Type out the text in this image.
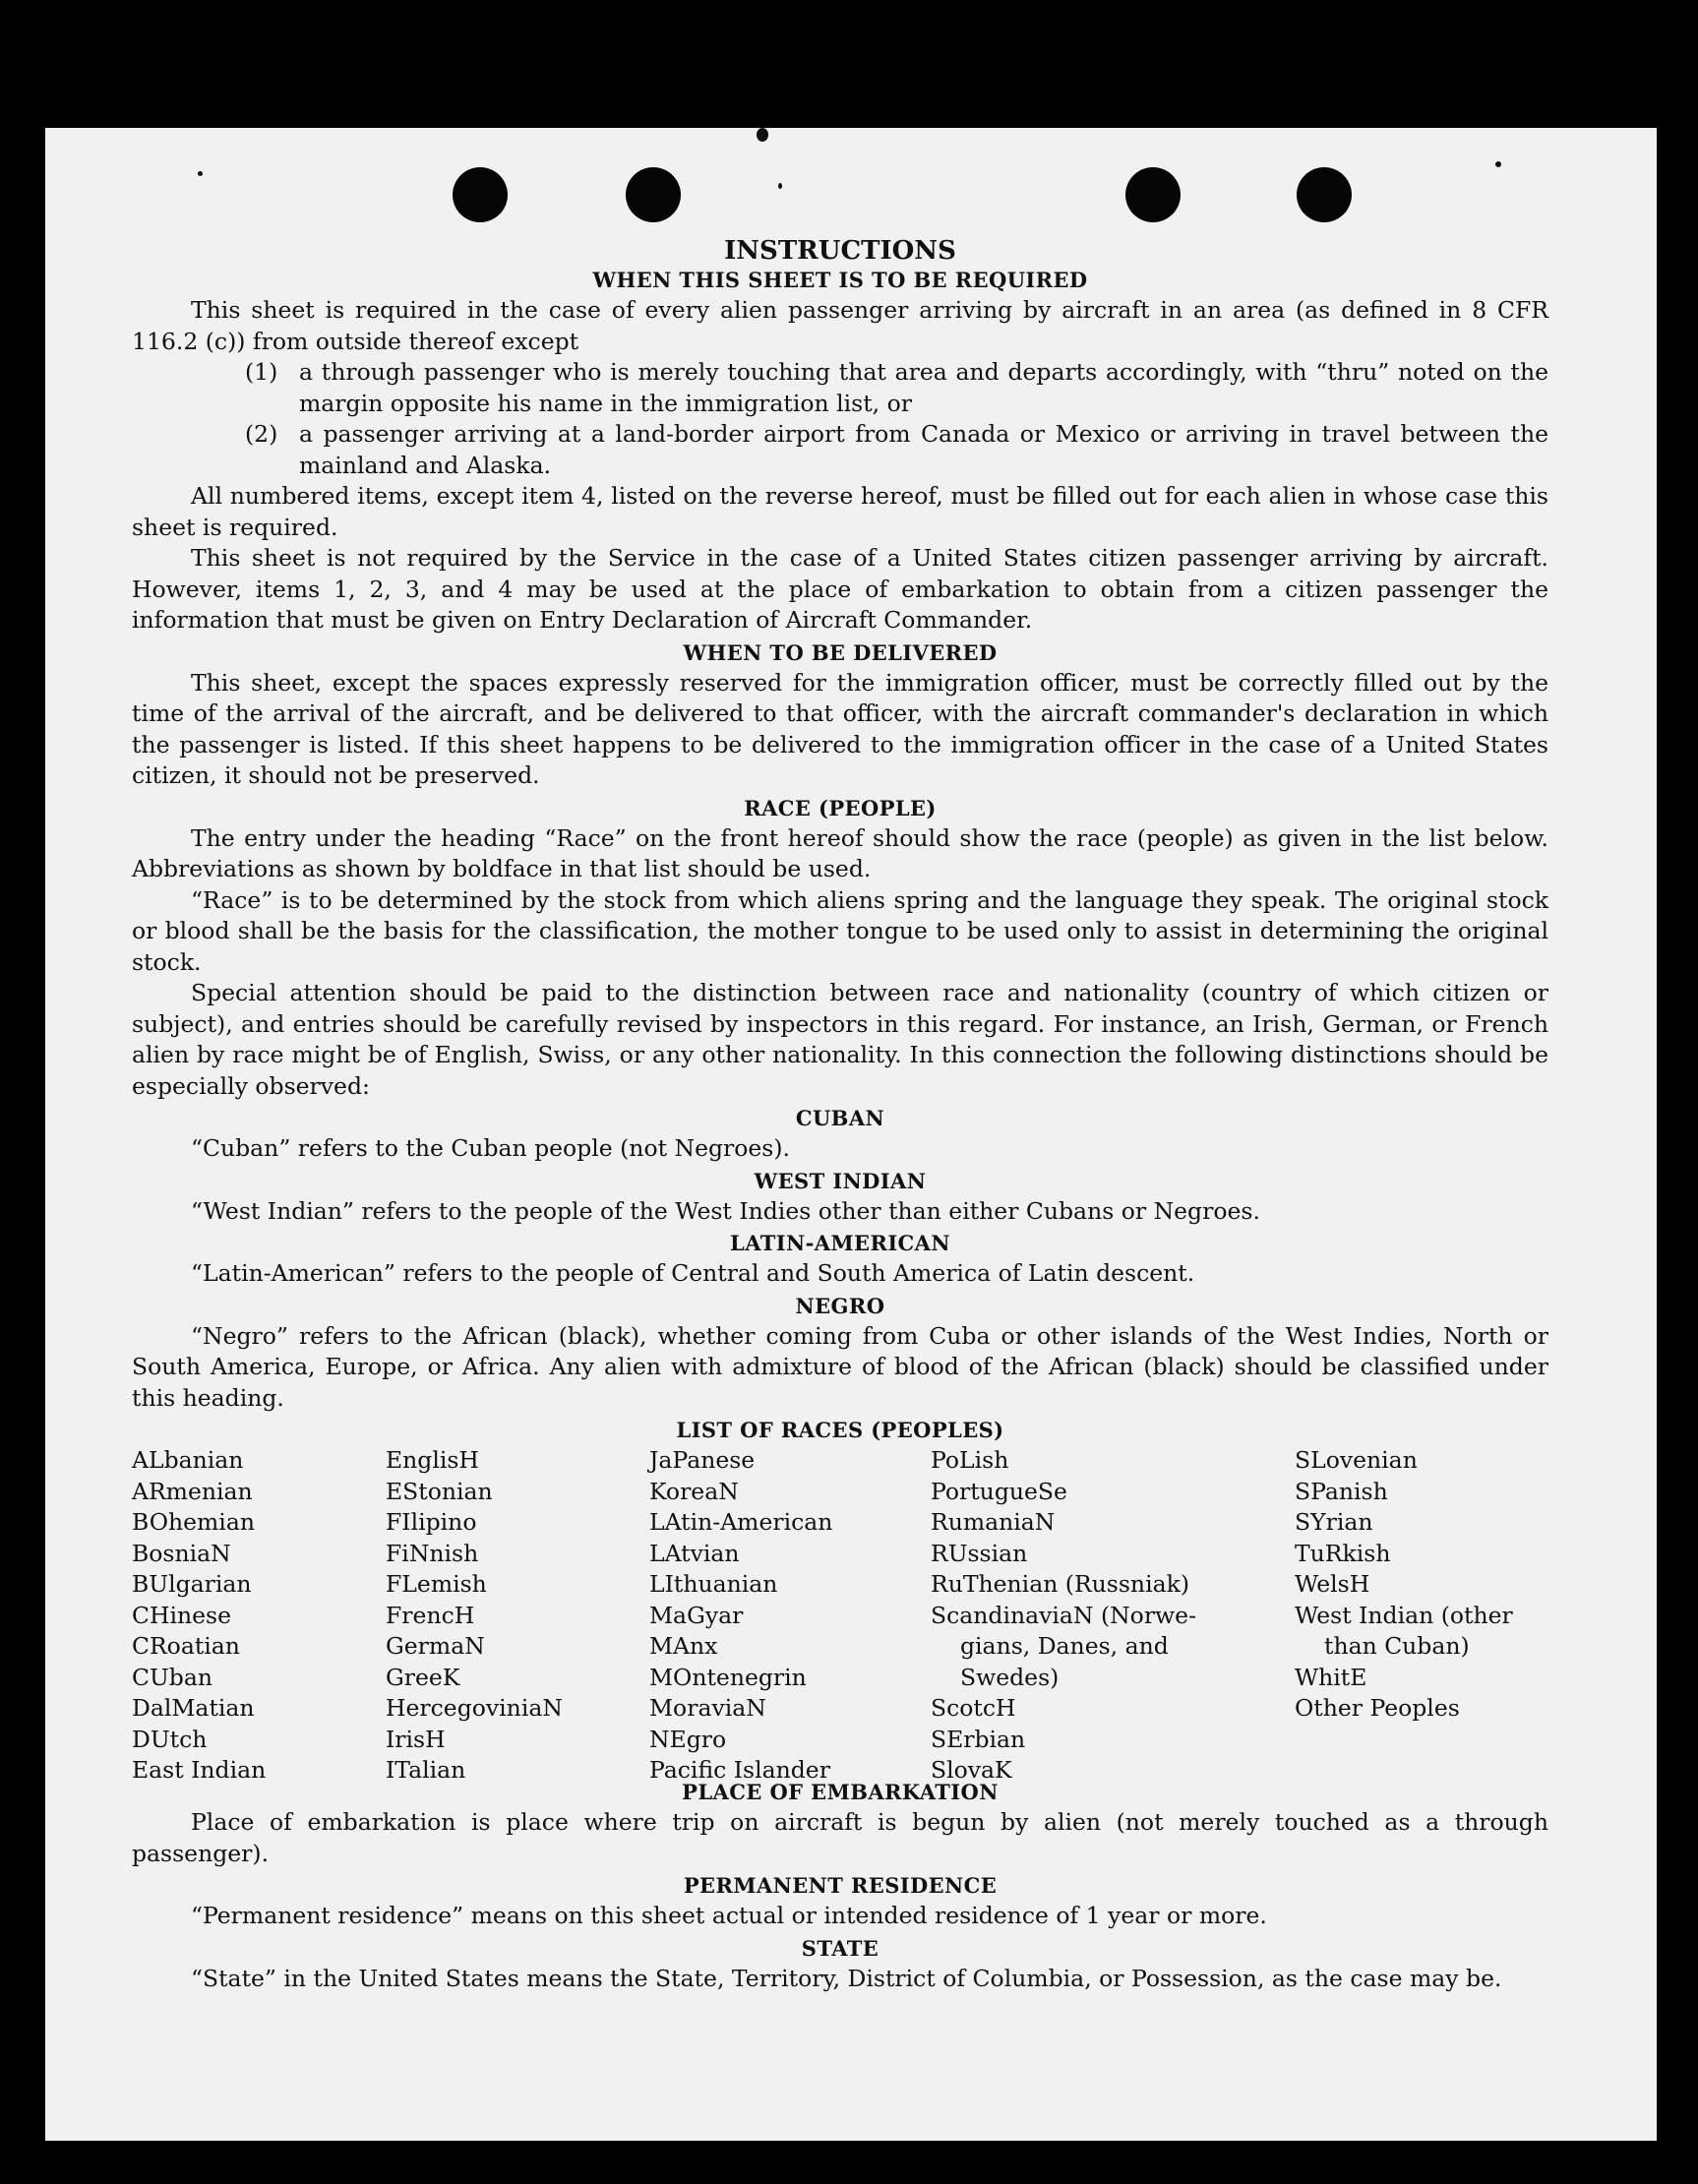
INSTRUCTIONS
WHEN THIS SHEET IS TO BE REQUIRED

This sheet is required in the case of every alien passenger arriving by aircraft in an area (as defined in 8 CFR 116.2 (c)) from outside thereof except

(1) a through passenger who is merely touching that area and departs accordingly, with “thru” noted on the margin opposite his name in the immigration list, or
(2) a passenger arriving at a land-border airport from Canada or Mexico or arriving in travel between the mainland and Alaska.

All numbered items, except item 4, listed on the reverse hereof, must be filled out for each alien in whose case this sheet is required.

This sheet is not required by the Service in the case of a United States citizen passenger arriving by aircraft. However, items 1, 2, 3, and 4 may be used at the place of embarkation to obtain from a citizen passenger the information that must be given on Entry Declaration of Aircraft Commander.

WHEN TO BE DELIVERED

This sheet, except the spaces expressly reserved for the immigration officer, must be correctly filled out by the time of the arrival of the aircraft, and be delivered to that officer, with the aircraft commander's declaration in which the passenger is listed. If this sheet happens to be delivered to the immigration officer in the case of a United States citizen, it should not be preserved.

RACE (PEOPLE)

The entry under the heading “Race” on the front hereof should show the race (people) as given in the list below. Abbreviations as shown by boldface in that list should be used.

“Race” is to be determined by the stock from which aliens spring and the language they speak. The original stock or blood shall be the basis for the classification, the mother tongue to be used only to assist in determining the original stock.

Special attention should be paid to the distinction between race and nationality (country of which citizen or subject), and entries should be carefully revised by inspectors in this regard. For instance, an Irish, German, or French alien by race might be of English, Swiss, or any other nationality. In this connection the following distinctions should be especially observed:

CUBAN
“Cuban” refers to the Cuban people (not Negroes).
WEST INDIAN
“West Indian” refers to the people of the West Indies other than either Cubans or Negroes.
LATIN-AMERICAN
“Latin-American” refers to the people of Central and South America of Latin descent.
NEGRO

“Negro” refers to the African (black), whether coming from Cuba or other islands of the West Indies, North or South America, Europe, or Africa. Any alien with admixture of blood of the African (black) should be classified under this heading.

LIST OF RACES (PEOPLES)
ALbanian
ARmenian
BOhemian
BosniaN
BUlgarian
CHinese
CRoatian
CUban
DalMatian
DUtch
East Indian
EnglisH
EStonian
FIlipino
FiNnish
FLemish
FrencH
GermaN
GreeK
HercegoviniaN
IrisH
ITalian
JaPanese
KoreaN
LAtin-American
LAtvian
LIthuanian
MaGyar
MAnx
MOntenegrin
MoraviaN
NEgro
Pacific Islander
PoLish
PortugueSe
RumaniaN
RUssian
RuThenian (Russniak)
ScandinaviaN (Norwe-
gians, Danes, and
Swedes)
ScotcH
SErbian
SlovaK
SLovenian
SPanish
SYrian
TuRkish
WelsH
West Indian (other
than Cuban)
WhitE
Other Peoples
PLACE OF EMBARKATION

Place of embarkation is place where trip on aircraft is begun by alien (not merely touched as a through passenger).

PERMANENT RESIDENCE
“Permanent residence” means on this sheet actual or intended residence of 1 year or more.
STATE

“State” in the United States means the State, Territory, District of Columbia, or Possession, as the case may be.
